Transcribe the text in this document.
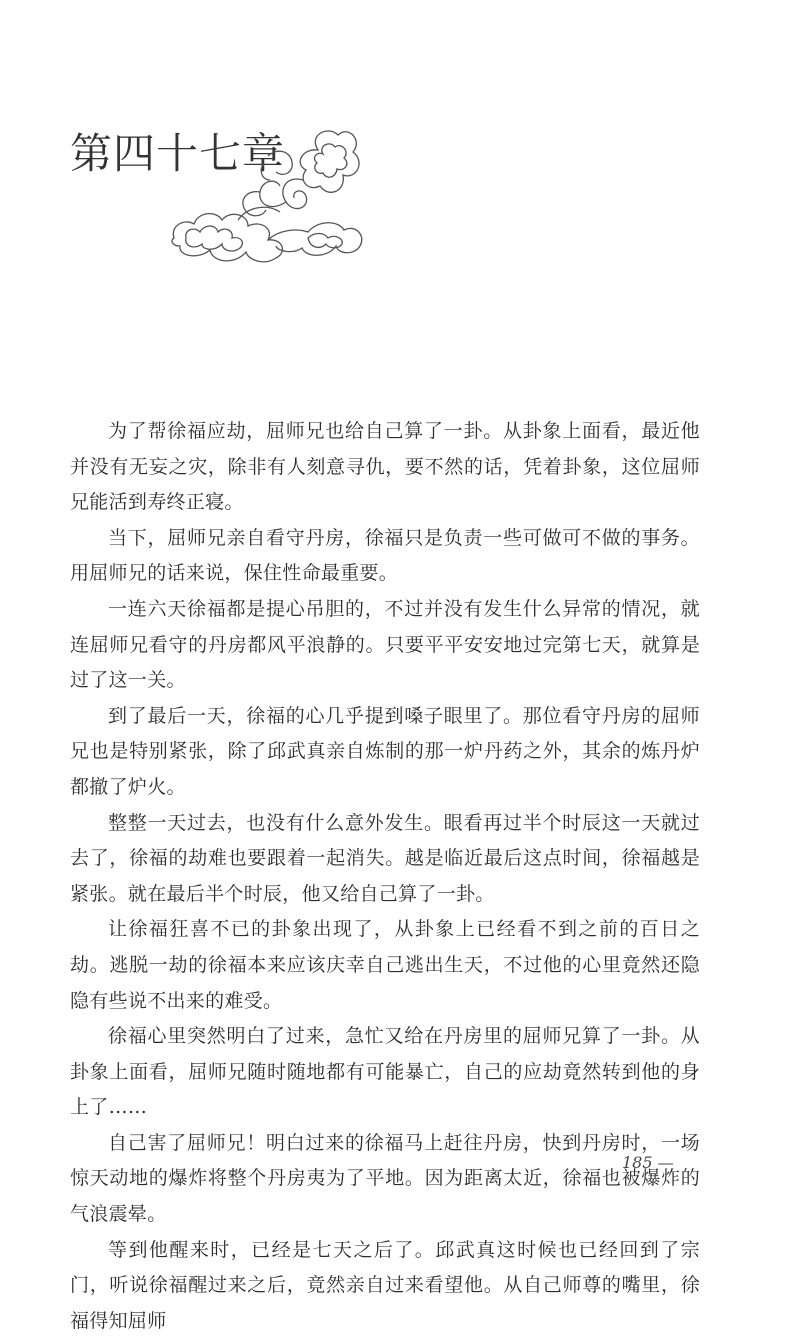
第四十七章

为了帮徐福应劫，屈师兄也给自己算了一卦。从卦象上面看，最近他并没有无妄之灾，除非有人刻意寻仇，要不然的话，凭着卦象，这位屈师兄能活到寿终正寝。

当下，屈师兄亲自看守丹房，徐福只是负责一些可做可不做的事务。用屈师兄的话来说，保住性命最重要。

一连六天徐福都是提心吊胆的，不过并没有发生什么异常的情况，就连屈师兄看守的丹房都风平浪静的。只要平平安安地过完第七天，就算是过了这一关。

到了最后一天，徐福的心几乎提到嗓子眼里了。那位看守丹房的屈师兄也是特别紧张，除了邱武真亲自炼制的那一炉丹药之外，其余的炼丹炉都撤了炉火。

整整一天过去，也没有什么意外发生。眼看再过半个时辰这一天就过去了，徐福的劫难也要跟着一起消失。越是临近最后这点时间，徐福越是紧张。就在最后半个时辰，他又给自己算了一卦。

让徐福狂喜不已的卦象出现了，从卦象上已经看不到之前的百日之劫。逃脱一劫的徐福本来应该庆幸自己逃出生天，不过他的心里竟然还隐隐有些说不出来的难受。

徐福心里突然明白了过来，急忙又给在丹房里的屈师兄算了一卦。从卦象上面看，屈师兄随时随地都有可能暴亡，自己的应劫竟然转到他的身上了……

自己害了屈师兄！明白过来的徐福马上赶往丹房，快到丹房时，一场惊天动地的爆炸将整个丹房夷为了平地。因为距离太近，徐福也被爆炸的气浪震晕。

等到他醒来时，已经是七天之后了。邱武真这时候也已经回到了宗门，听说徐福醒过来之后，竟然亲自过来看望他。从自己师尊的嘴里，徐福得知屈师

185 —
